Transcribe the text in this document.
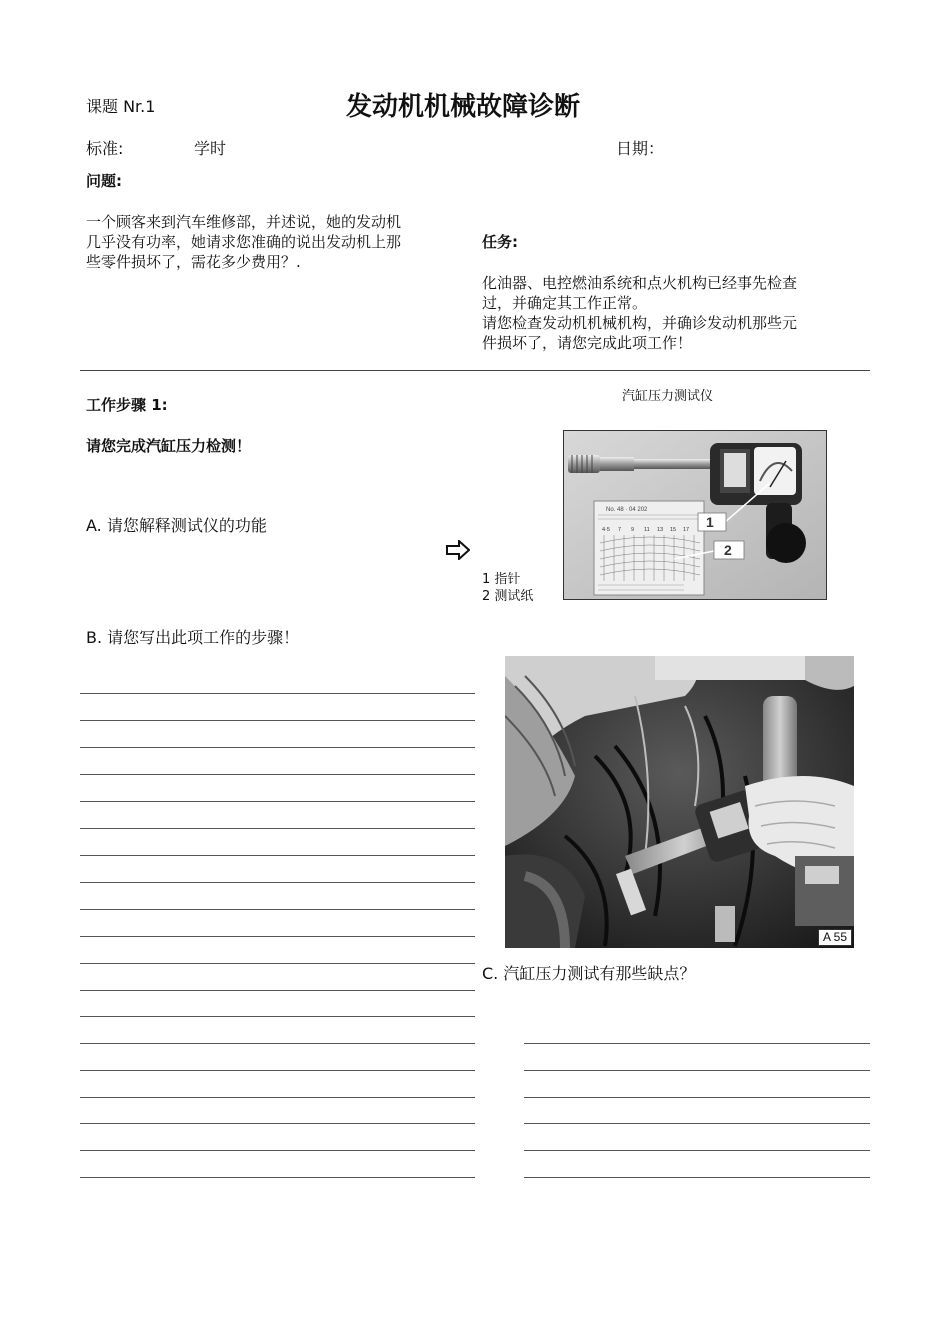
课题 Nr.1	发动机机械故障诊断
标准:	学时	日期：
问题:
一个顾客来到汽车维修部，并述说，她的发动机
几乎没有功率，她请求您准确的说出发动机上那
些零件损坏了，需花多少费用？.
任务:
化油器、电控燃油系统和点火机构已经事先检查
过，并确定其工作正常。
请您检查发动机机械机构，并确诊发动机那些元
件损坏了，请您完成此项工作！
工作步骤 1:
请您完成汽缸压力检测！
A. 请您解释测试仪的功能
汽缸压力测试仪
1 指针
2 测试纸
No. 48 · 04 202
4·5 7 9 11 13 15 17 1
2
A 55
B. 请您写出此项工作的步骤！
C. 汽缸压力测试有那些缺点？
